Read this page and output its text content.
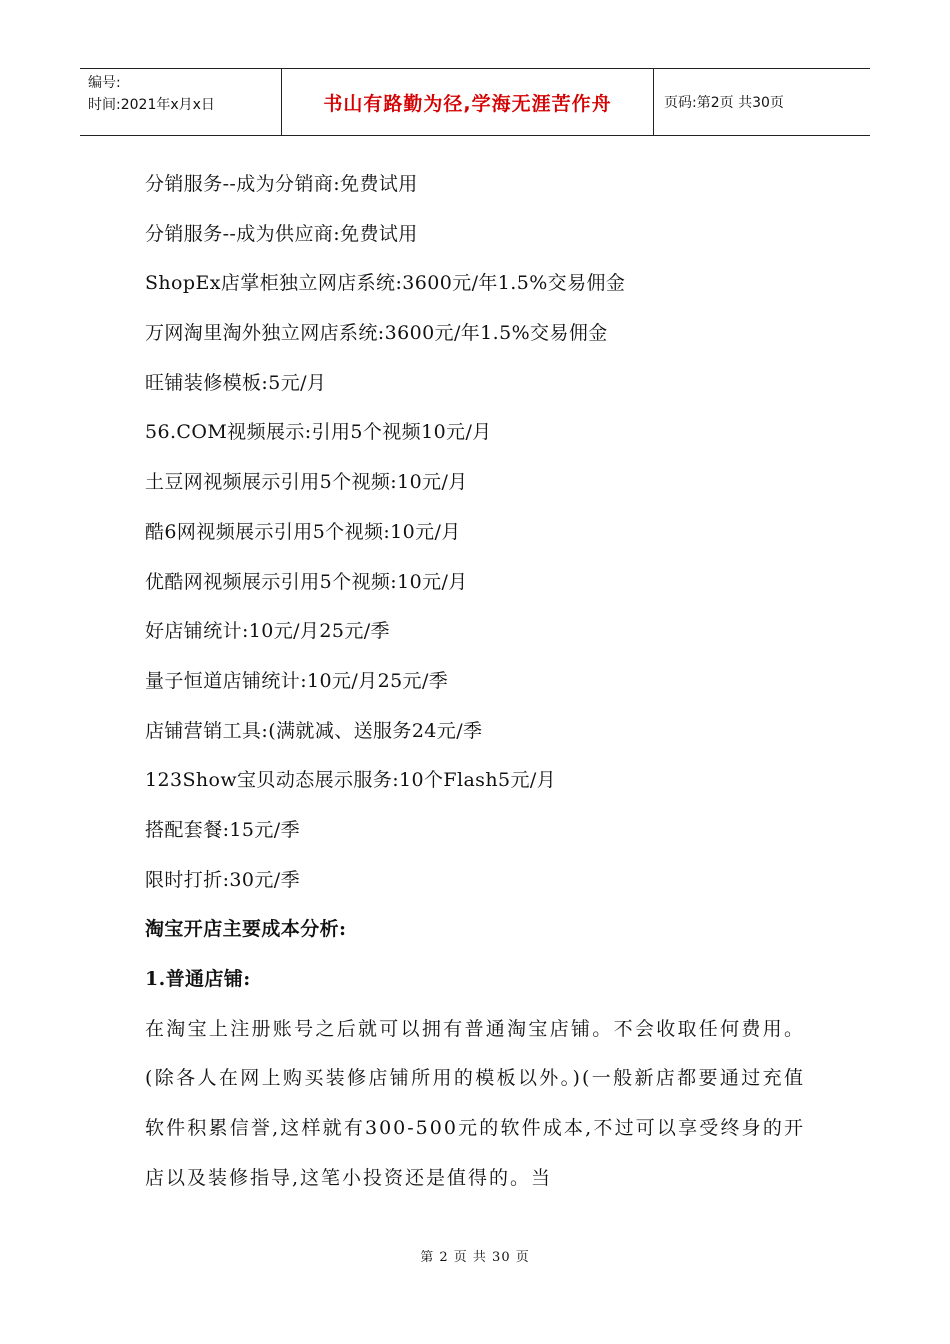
编号:
时间:2021年x月x日	书山有路勤为径,学海无涯苦作舟	页码:第2页 共30页
分销服务--成为分销商:免费试用
分销服务--成为供应商:免费试用
ShopEx店掌柜独立网店系统:3600元/年1.5%交易佣金
万网淘里淘外独立网店系统:3600元/年1.5%交易佣金
旺铺装修模板:5元/月
56.COM视频展示:引用5个视频10元/月
土豆网视频展示引用5个视频:10元/月
酷6网视频展示引用5个视频:10元/月
优酷网视频展示引用5个视频:10元/月
好店铺统计:10元/月25元/季
量子恒道店铺统计:10元/月25元/季
店铺营销工具:(满就减、送服务24元/季
123Show宝贝动态展示服务:10个Flash5元/月
搭配套餐:15元/季
限时打折:30元/季
淘宝开店主要成本分析:
1.普通店铺:
在淘宝上注册账号之后就可以拥有普通淘宝店铺。不会收取任何费用。(除各人在网上购买装修店铺所用的模板以外。)(一般新店都要通过充值软件积累信誉,这样就有300-500元的软件成本,不过可以享受终身的开店以及装修指导,这笔小投资还是值得的。当
第 2 页 共 30 页
